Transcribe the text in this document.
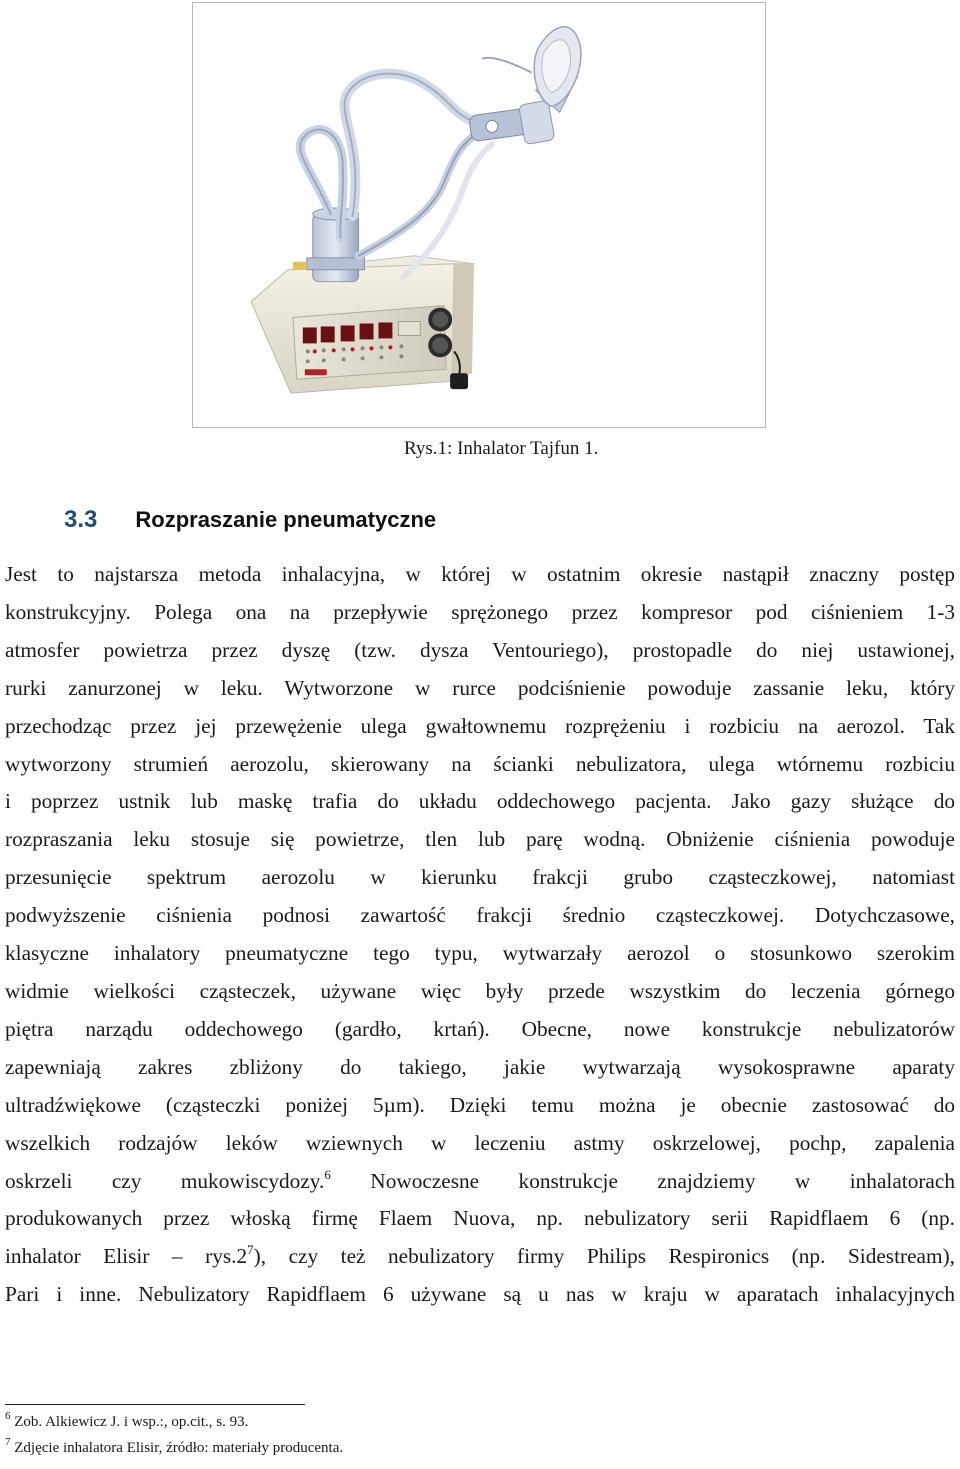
Rys.1: Inhalator Tajfun 1.
3.3 Rozpraszanie pneumatyczne
Jest to najstarsza metoda inhalacyjna, w której w ostatnim okresie nastąpił znaczny postęp
konstrukcyjny. Polega ona na przepływie sprężonego przez kompresor pod ciśnieniem 1-3
atmosfer powietrza przez dyszę (tzw. dysza Ventouriego), prostopadle do niej ustawionej,
rurki zanurzonej w leku. Wytworzone w rurce podciśnienie powoduje zassanie leku, który
przechodząc przez jej przewężenie ulega gwałtownemu rozprężeniu i rozbiciu na aerozol. Tak
wytworzony strumień aerozolu, skierowany na ścianki nebulizatora, ulega wtórnemu rozbiciu
i poprzez ustnik lub maskę trafia do układu oddechowego pacjenta. Jako gazy służące do
rozpraszania leku stosuje się powietrze, tlen lub parę wodną. Obniżenie ciśnienia powoduje
przesunięcie spektrum aerozolu w kierunku frakcji grubo cząsteczkowej, natomiast
podwyższenie ciśnienia podnosi zawartość frakcji średnio cząsteczkowej. Dotychczasowe,
klasyczne inhalatory pneumatyczne tego typu, wytwarzały aerozol o stosunkowo szerokim
widmie wielkości cząsteczek, używane więc były przede wszystkim do leczenia górnego
piętra narządu oddechowego (gardło, krtań). Obecne, nowe konstrukcje nebulizatorów
zapewniają zakres zbliżony do takiego, jakie wytwarzają wysokosprawne aparaty
ultradźwiękowe (cząsteczki poniżej 5µm). Dzięki temu można je obecnie zastosować do
wszelkich rodzajów leków wziewnych w leczeniu astmy oskrzelowej, pochp, zapalenia
oskrzeli czy mukowiscydozy.$^6$ Nowoczesne konstrukcje znajdziemy w inhalatorach
produkowanych przez włoską firmę Flaem Nuova, np. nebulizatory serii Rapidflaem 6 (np.
inhalator Elisir – $rys.2^7$), czy też nebulizatory firmy Philips Respironics (np. Sidestream),
Pari i inne. Nebulizatory Rapidflaem 6 używane są u nas w kraju w aparatach inhalacyjnych
$^6$ Zob. Alkiewicz J. i wsp.:, op.cit., s. 93.
$^7$ Zdjęcie inhalatora Elisir, źródło: materiały producenta.
